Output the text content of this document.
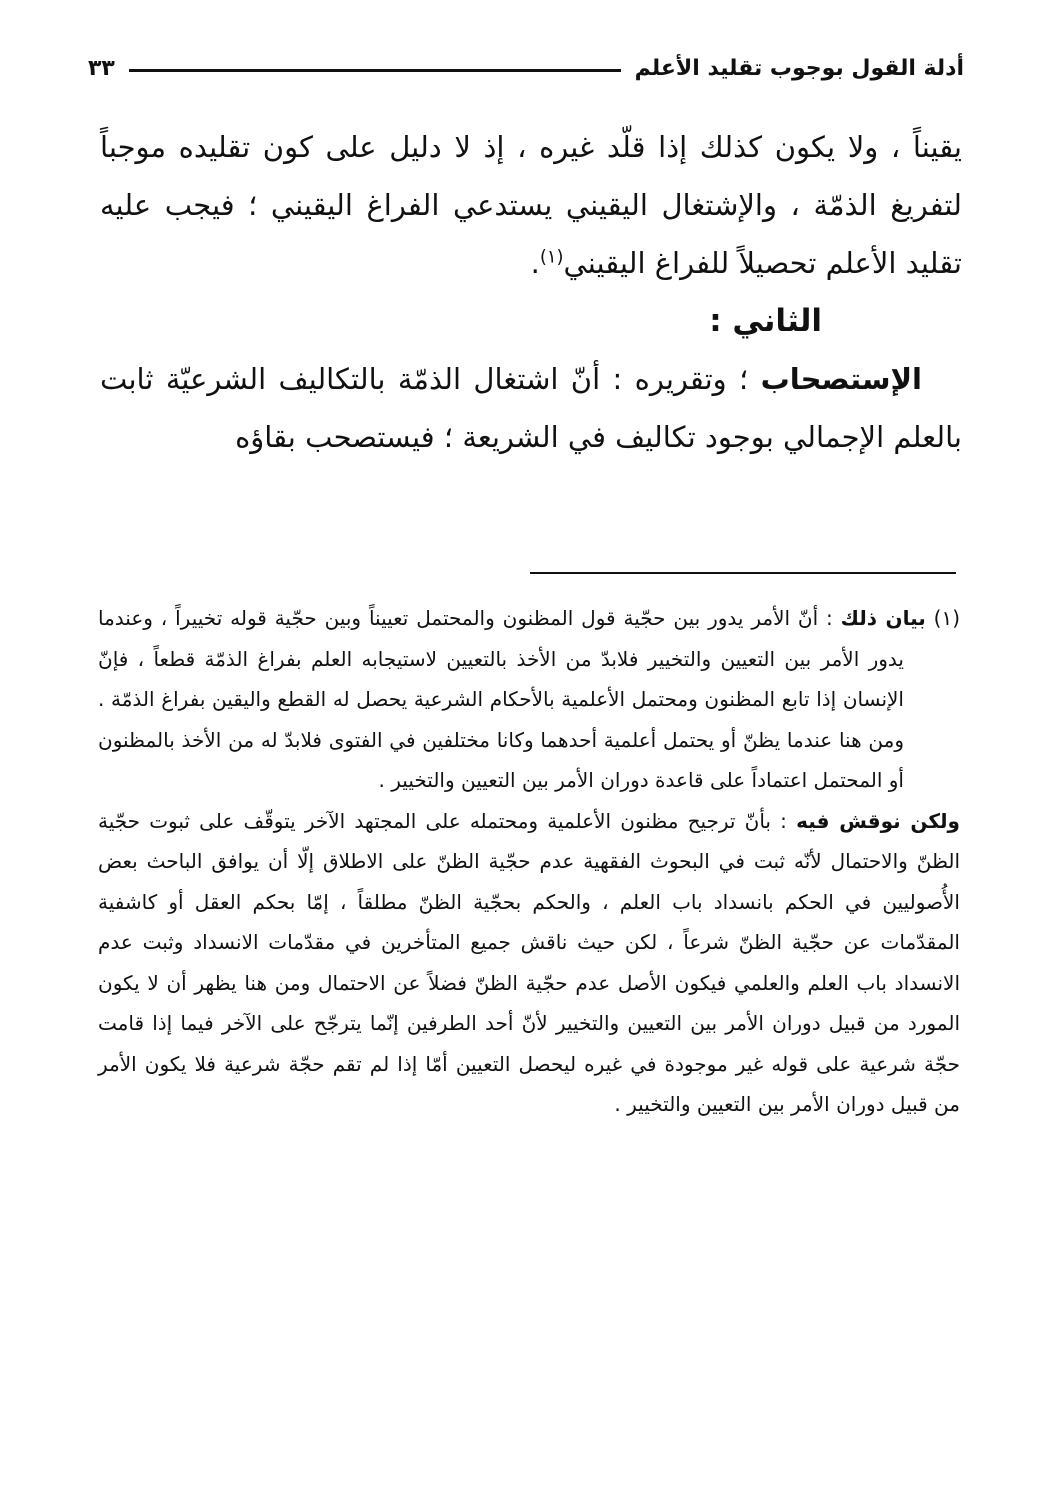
أدلة القول بوجوب تقليد الأعلم
٣٣

يقيناً ، ولا يكون كذلك إذا قلّد غيره ، إذ لا دليل على كون تقليده موجباً لتفريغ الذمّة ، والإشتغال اليقيني يستدعي الفراغ اليقيني ؛ فيجب عليه تقليد الأعلم تحصيلاً للفراغ اليقيني$^{(١)}$.

الثاني :

الإستصحاب ؛ وتقريره : أنّ اشتغال الذمّة بالتكاليف الشرعيّة ثابت بالعلم الإجمالي بوجود تكاليف في الشريعة ؛ فيستصحب بقاؤه

(١) بيان ذلك : أنّ الأمر يدور بين حجّية قول المظنون والمحتمل تعييناً وبين حجّية قوله تخييراً ، وعندما يدور الأمر بين التعيين والتخيير فلابدّ من الأخذ بالتعيين لاستيجابه العلم بفراغ الذمّة قطعاً ، فإنّ الإنسان إذا تابع المظنون ومحتمل الأعلمية بالأحكام الشرعية يحصل له القطع واليقين بفراغ الذمّة . ومن هنا عندما يظنّ أو يحتمل أعلمية أحدهما وكانا مختلفين في الفتوى فلابدّ له من الأخذ بالمظنون أو المحتمل اعتماداً على قاعدة دوران الأمر بين التعيين والتخيير .

ولكن نوقش فيه : بأنّ ترجيح مظنون الأعلمية ومحتمله على المجتهد الآخر يتوقّف على ثبوت حجّية الظنّ والاحتمال لأنّه ثبت في البحوث الفقهية عدم حجّية الظنّ على الاطلاق إلّا أن يوافق الباحث بعض الأُصوليين في الحكم بانسداد باب العلم ، والحكم بحجّية الظنّ مطلقاً ، إمّا بحكم العقل أو كاشفية المقدّمات عن حجّية الظنّ شرعاً ، لكن حيث ناقش جميع المتأخرين في مقدّمات الانسداد وثبت عدم الانسداد باب العلم والعلمي فيكون الأصل عدم حجّية الظنّ فضلاً عن الاحتمال ومن هنا يظهر أن لا يكون المورد من قبيل دوران الأمر بين التعيين والتخيير لأنّ أحد الطرفين إنّما يترجّح على الآخر فيما إذا قامت حجّة شرعية على قوله غير موجودة في غيره ليحصل التعيين أمّا إذا لم تقم حجّة شرعية فلا يكون الأمر من قبيل دوران الأمر بين التعيين والتخيير .
